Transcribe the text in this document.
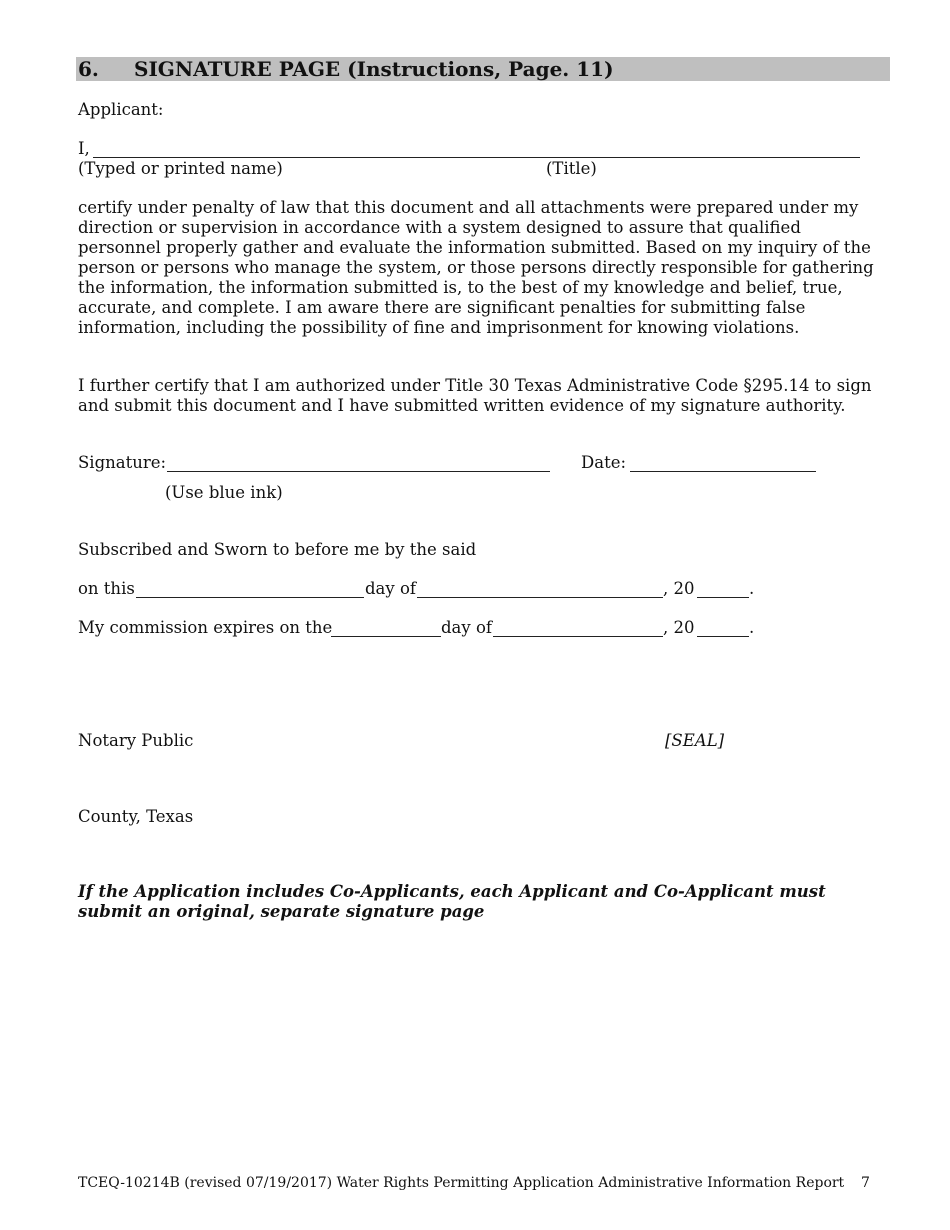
6. SIGNATURE PAGE (Instructions, Page. 11)
Applicant:
I,
(Typed or printed name)	(Title)
certify under penalty of law that this document and all attachments were prepared under my direction or supervision in accordance with a system designed to assure that qualified personnel properly gather and evaluate the information submitted. Based on my inquiry of the person or persons who manage the system, or those persons directly responsible for gathering the information, the information submitted is, to the best of my knowledge and belief, true, accurate, and complete. I am aware there are significant penalties for submitting false information, including the possibility of fine and imprisonment for knowing violations.
I further certify that I am authorized under Title 30 Texas Administrative Code §295.14 to sign and submit this document and I have submitted written evidence of my signature authority.
Signature:	Date:
(Use blue ink)
Subscribed and Sworn to before me by the said
on this	day of	, 20	.
My commission expires on the	day of	, 20	.
Notary Public	[SEAL]
County, Texas
If the Application includes Co-Applicants, each Applicant and Co-Applicant must submit an original, separate signature page
TCEQ-10214B (revised 07/19/2017) Water Rights Permitting Application Administrative Information Report 7
